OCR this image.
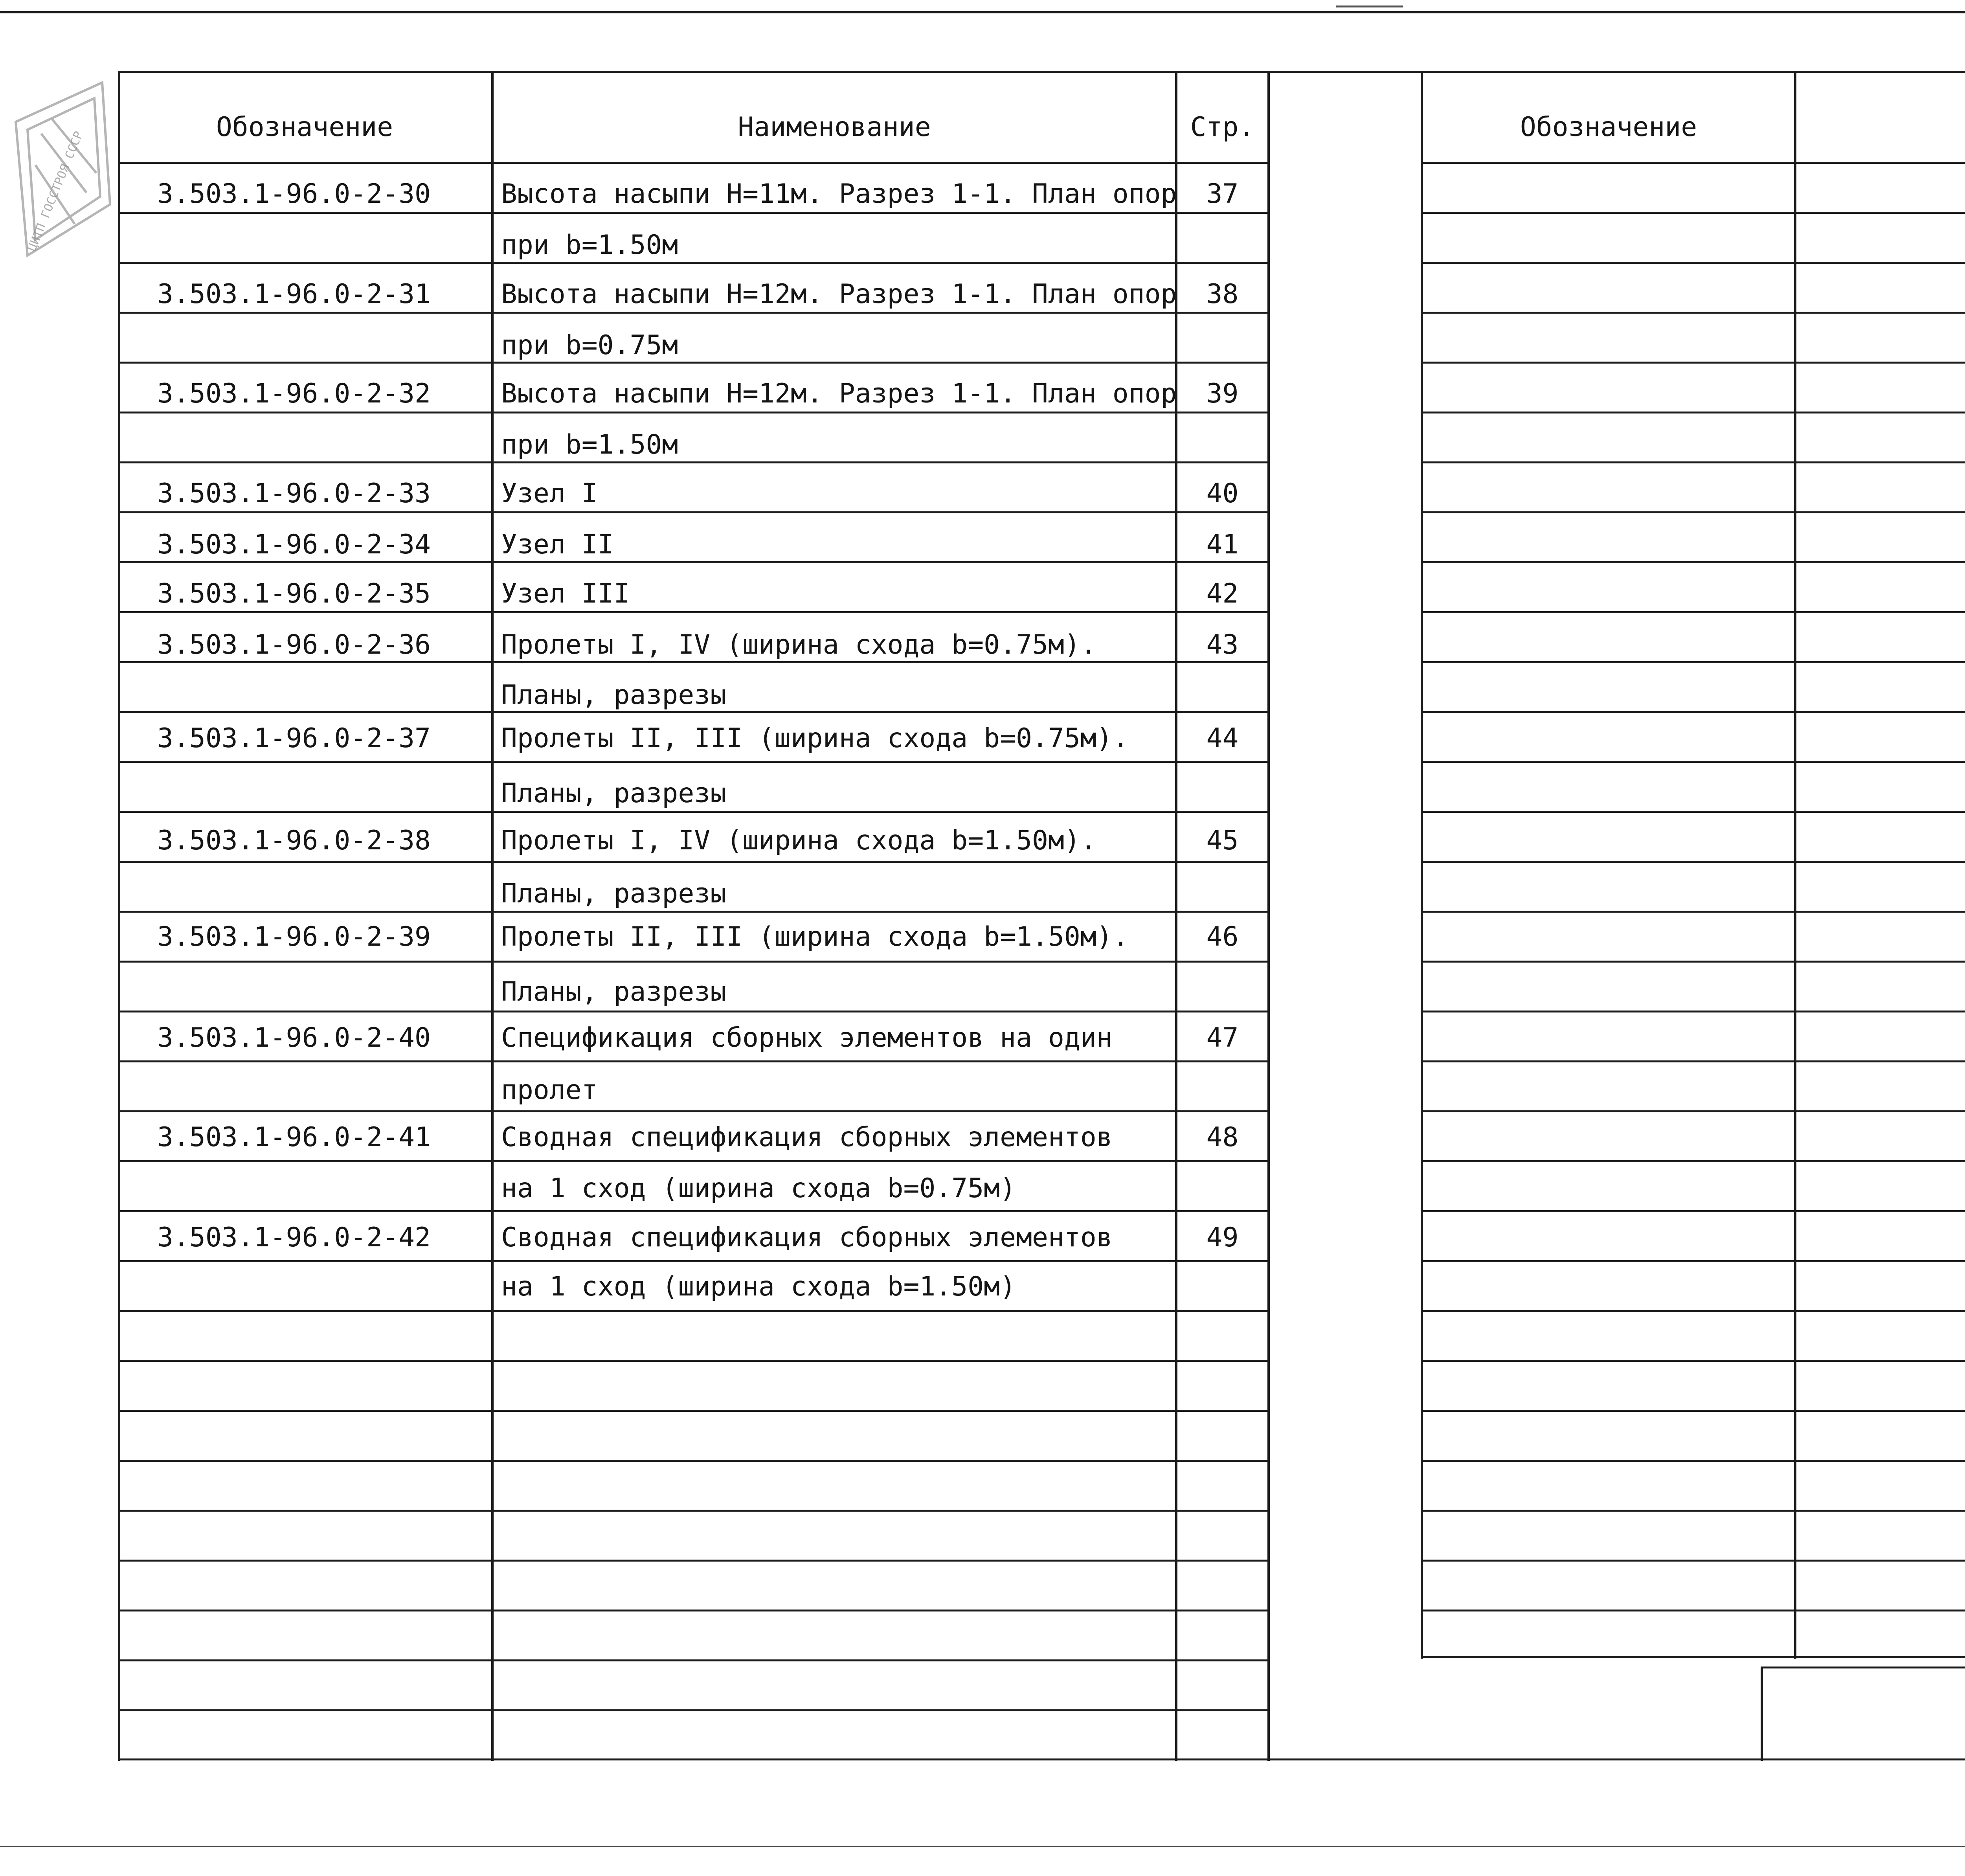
Обозначение	Наименование	Стр.
3.503.1-96.0-2-30	Высота насыпи Н=11м. Разрез 1-1. План опор	37
при b=1.50м
3.503.1-96.0-2-31	Высота насыпи Н=12м. Разрез 1-1. План опор	38
при b=0.75м
3.503.1-96.0-2-32	Высота насыпи Н=12м. Разрез 1-1. План опор	39
при b=1.50м
3.503.1-96.0-2-33	Узел I	40
3.503.1-96.0-2-34	Узел II	41
3.503.1-96.0-2-35	Узел III	42
3.503.1-96.0-2-36	Пролеты I, IV (ширина схода b=0.75м).	43
Планы, разрезы
3.503.1-96.0-2-37	Пролеты II, III (ширина схода b=0.75м).	44
Планы, разрезы
3.503.1-96.0-2-38	Пролеты I, IV (ширина схода b=1.50м).	45
Планы, разрезы
3.503.1-96.0-2-39	Пролеты II, III (ширина схода b=1.50м).	46
Планы, разрезы
3.503.1-96.0-2-40	Спецификация сборных элементов на один	47
пролет
3.503.1-96.0-2-41	Сводная спецификация сборных элементов	48
на 1 сход (ширина схода b=0.75м)
3.503.1-96.0-2-42	Сводная спецификация сборных элементов	49
на 1 сход (ширина схода b=1.50м)
Обозначение
ЦИТП ГОССТРОЯ СССР
